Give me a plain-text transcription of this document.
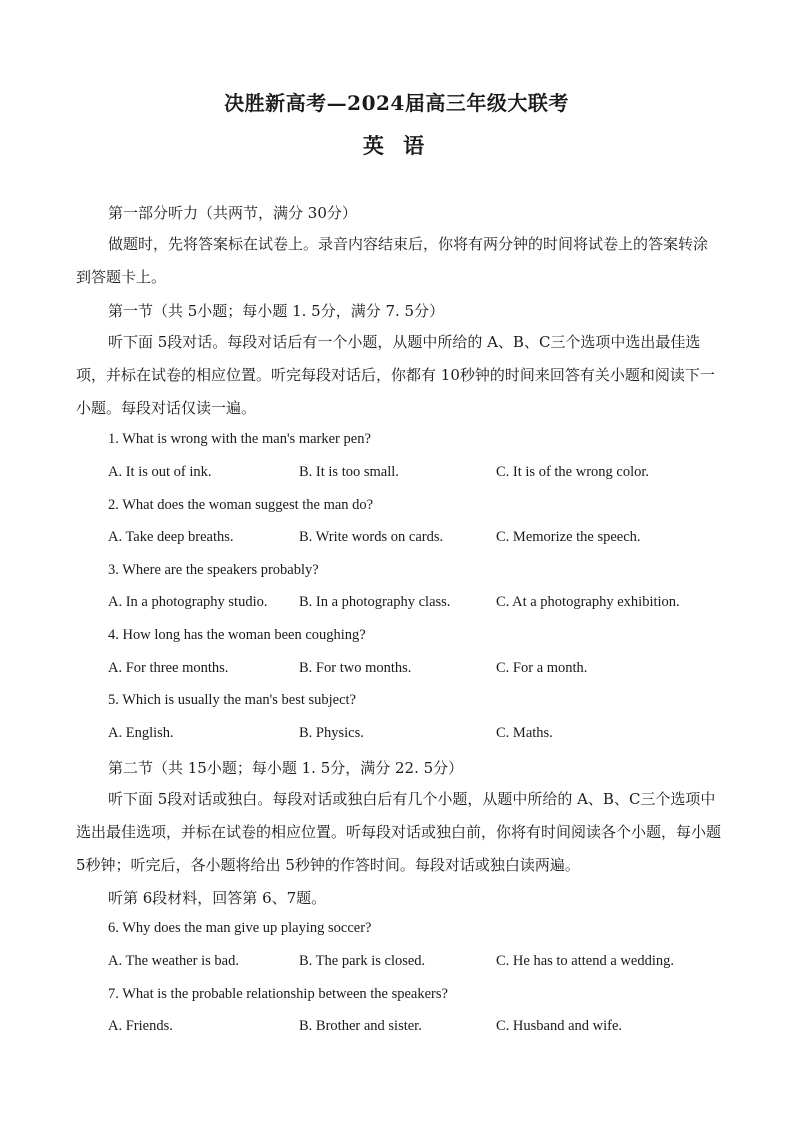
决胜新高考—2024届高三年级大联考
英 语
第一部分听力（共两节，满分 30分）
做题时，先将答案标在试卷上。录音内容结束后，你将有两分钟的时间将试卷上的答案转涂到答题卡上。
第一节（共 5小题；每小题 1. 5分，满分 7. 5分）
听下面 5段对话。每段对话后有一个小题，从题中所给的 A、B、C三个选项中选出最佳选项，并标在试卷的相应位置。听完每段对话后，你都有 10秒钟的时间来回答有关小题和阅读下一小题。每段对话仅读一遍。
1. What is wrong with the man's marker pen?
A. It is out of ink.	B. It is too small.	C. It is of the wrong color.
2. What does the woman suggest the man do?
A. Take deep breaths.	B. Write words on cards.	C. Memorize the speech.
3. Where are the speakers probably?
A. In a photography studio. B. In a photography class.	C. At a photography exhibition.
4. How long has the woman been coughing?
A. For three months.	B. For two months.	C. For a month.
5. Which is usually the man's best subject?
A. English.	B. Physics.	C. Maths.
第二节（共 15小题；每小题 1. 5分，满分 22. 5分）
听下面 5段对话或独白。每段对话或独白后有几个小题，从题中所给的 A、B、C三个选项中选出最佳选项，并标在试卷的相应位置。听每段对话或独白前，你将有时间阅读各个小题，每小题 5秒钟；听完后，各小题将给出 5秒钟的作答时间。每段对话或独白读两遍。
听第 6段材料，回答第 6、7题。
6. Why does the man give up playing soccer?
A. The weather is bad.	B. The park is closed.	C. He has to attend a wedding.
7. What is the probable relationship between the speakers?
A. Friends.	B. Brother and sister.	C. Husband and wife.
